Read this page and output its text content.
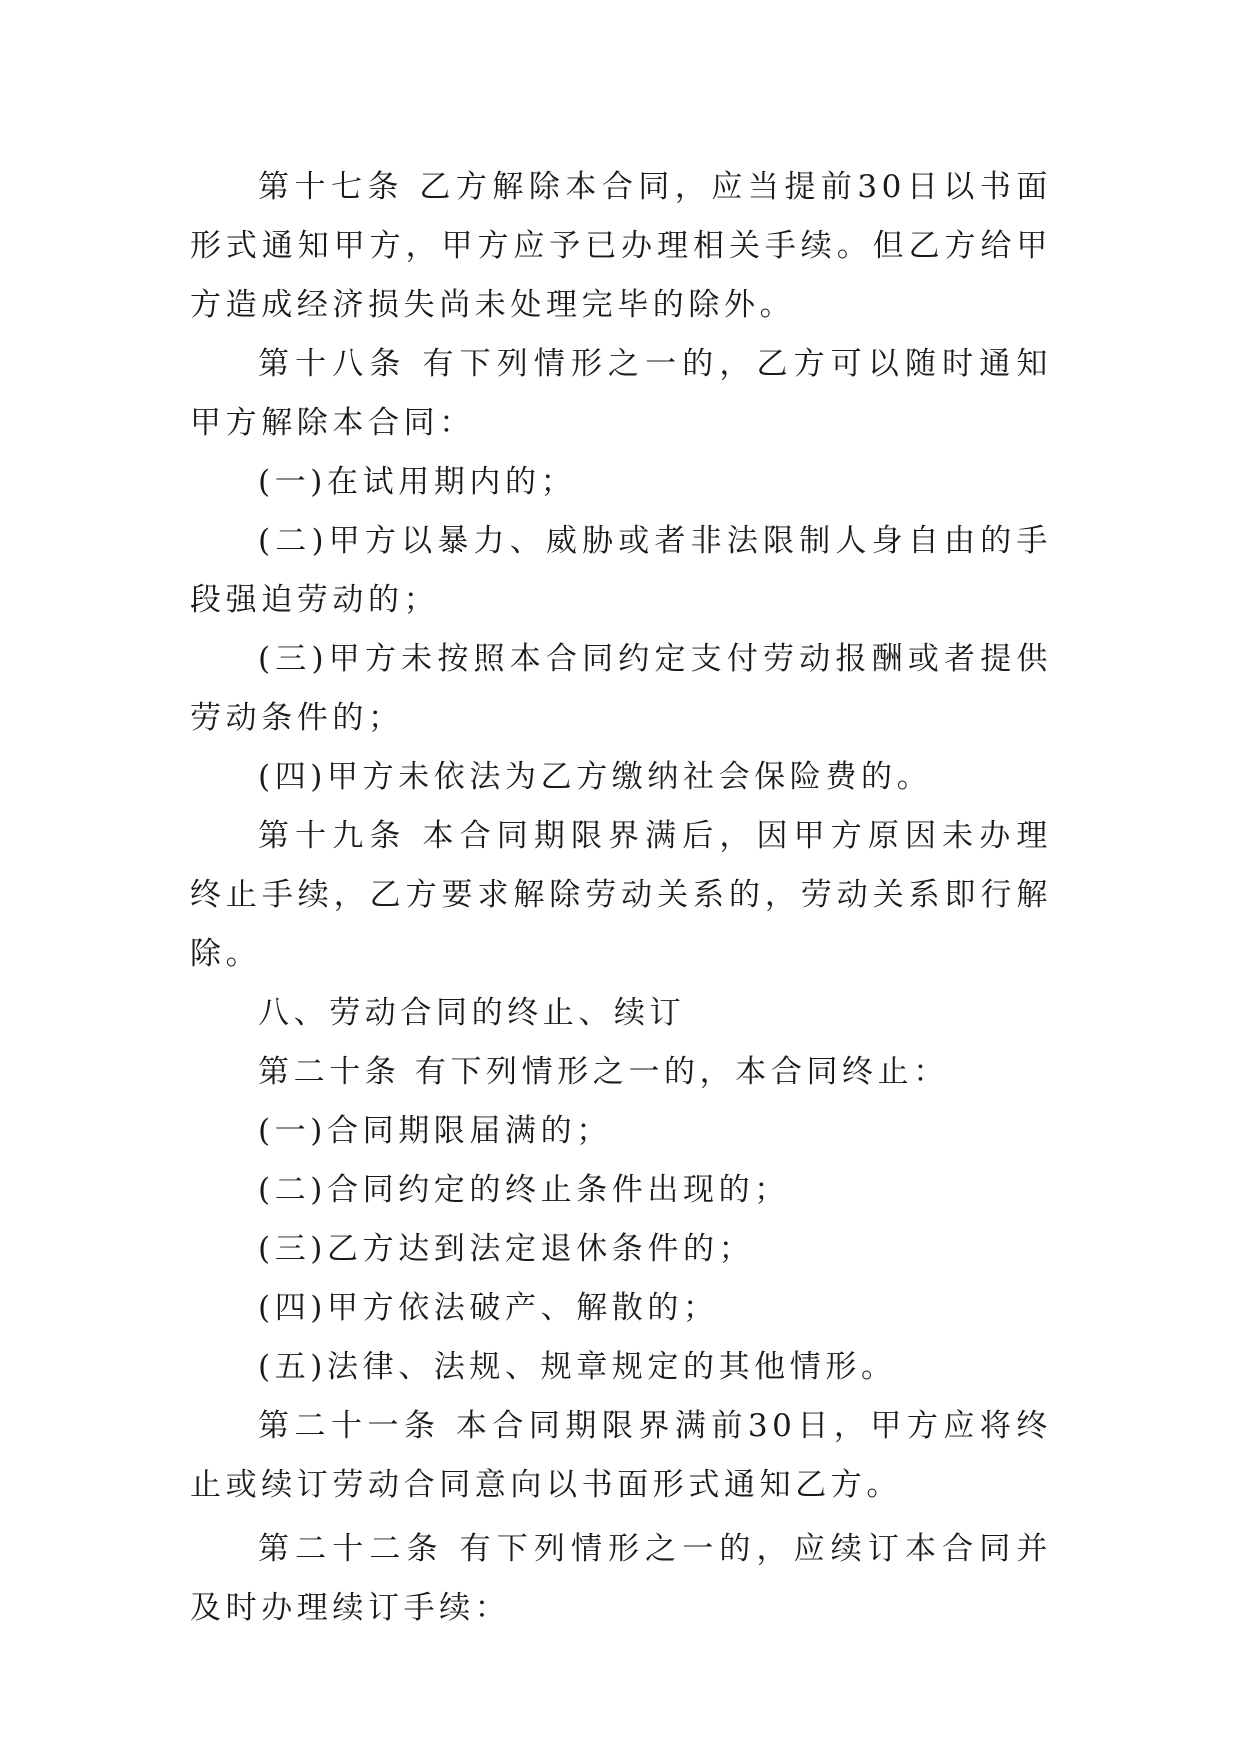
第十七条 乙方解除本合同，应当提前30日以书面形式通知甲方，甲方应予已办理相关手续。但乙方给甲方造成经济损失尚未处理完毕的除外。

第十八条 有下列情形之一的，乙方可以随时通知甲方解除本合同：

(一)在试用期内的；

(二)甲方以暴力、威胁或者非法限制人身自由的手段强迫劳动的；

(三)甲方未按照本合同约定支付劳动报酬或者提供劳动条件的；

(四)甲方未依法为乙方缴纳社会保险费的。

第十九条 本合同期限界满后，因甲方原因未办理终止手续，乙方要求解除劳动关系的，劳动关系即行解除。

八、劳动合同的终止、续订

第二十条 有下列情形之一的，本合同终止：

(一)合同期限届满的；

(二)合同约定的终止条件出现的；

(三)乙方达到法定退休条件的；

(四)甲方依法破产、解散的；

(五)法律、法规、规章规定的其他情形。

第二十一条 本合同期限界满前30日，甲方应将终止或续订劳动合同意向以书面形式通知乙方。

第二十二条 有下列情形之一的，应续订本合同并及时办理续订手续：
